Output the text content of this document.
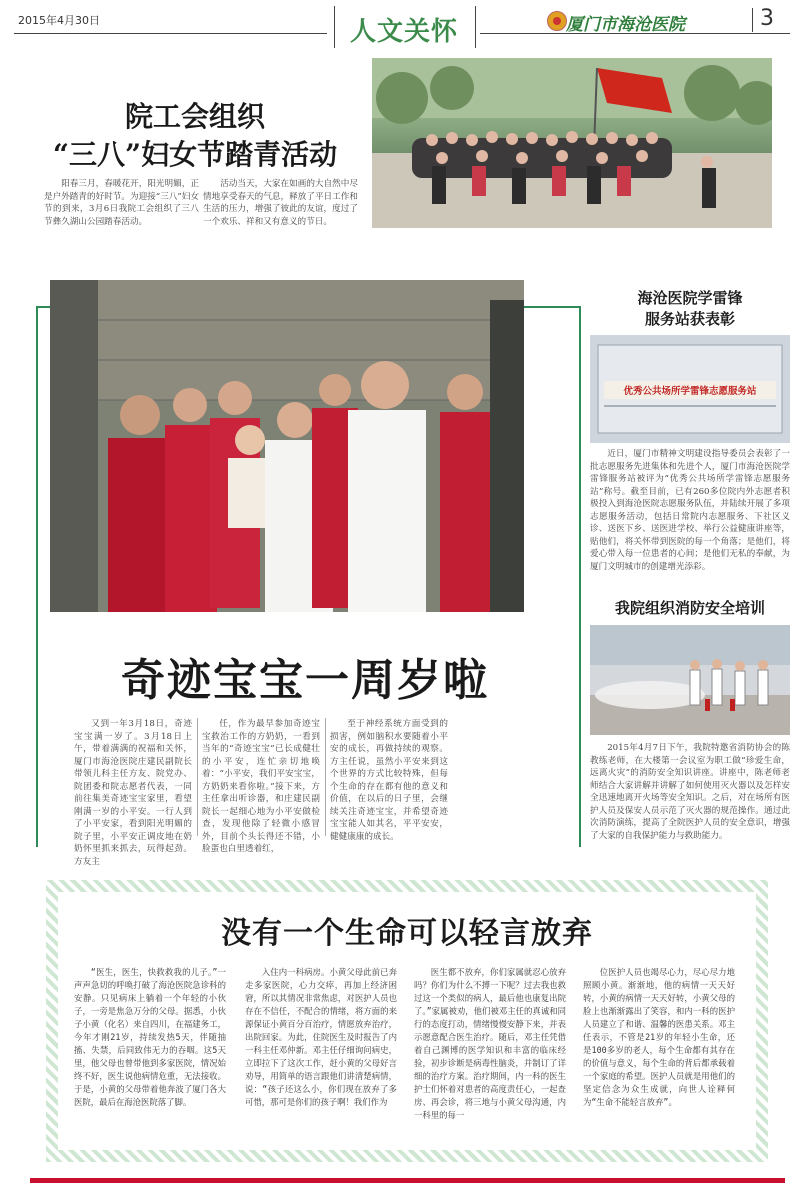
2015年4月30日	人文关怀	厦门市海沧医院	3
院工会组织
“三八”妇女节踏青活动

阳春三月，春暖花开，阳光明媚，正是户外踏青的好时节。为迎接“三八”妇女节的到来，3月6日我院工会组织了三八节彝久湖山公园踏春活动。

活动当天，大家在如画的大自然中尽情地享受春天的气息，释放了平日工作和生活的压力，增强了彼此的友谊，度过了一个欢乐、祥和又有意义的节日。

奇迹宝宝一周岁啦

又到一年3月18日，奇迹宝宝满一岁了。3月18日上午，带着满满的祝福和关怀，厦门市海沧医院庄建民副院长带领儿科主任方友、院党办、院团委和院志愿者代表，一同前往集美奇迹宝宝家里，看望刚满一岁的小平安。一行人到了小平安家，看到阳光明媚的院子里，小平安正调皮地在奶奶怀里抓来抓去，玩得起劲。方友主

任，作为最早参加奇迹宝宝救治工作的方奶奶，一看到当年的“奇迹宝宝”已长成健壮的小平安，连忙亲切地唤着：“小平安，我们平安宝宝，方奶奶来看你啦。”接下来，方主任拿出听诊器，和庄建民副院长一起细心地为小平安做检查，发现他除了轻微小感冒外，目前个头长得还不错，小脸蛋也白里透着红，

至于神经系统方面受到的损害，例如脑积水要随着小平安的成长，再做持续的观察。方主任说，虽然小平安来到这个世界的方式比较特殊，但每个生命的存在都有他的意义和价值，在以后的日子里，会继续关注奇迹宝宝，并希望奇迹宝宝能人如其名，平平安安，健健康康的成长。

海沧医院学雷锋
服务站获表彰
优秀公共场所学雷锋志愿服务站

近日，厦门市精神文明建设指导委员会表彰了一批志愿服务先进集体和先进个人，厦门市海沧医院学雷锋服务站被评为“优秀公共场所学雷锋志愿服务站”称号。截至目前，已有260多位院内外志愿者积极投入到海沧医院志愿服务队伍，并陆续开展了多项志愿服务活动，包括日常院内志愿服务、下社区义诊、送医下乡、送医进学校、举行公益健康讲座等，贴他们，将关怀带到医院的每一个角落；是他们，将爱心带入每一位患者的心间；是他们无私的奉献，为厦门文明城市的创建增光添彩。

我院组织消防安全培训

2015年4月7日下午，我院特邀省消防协会的陈教练老师，在大楼第一会议室为职工做“珍爱生命，远离火灾”的消防安全知识讲座。讲座中，陈老师老师结合大家讲解并讲解了如何使用灭火器以及怎样安全迅速地离开火场等安全知识。之后，对在场所有医护人员及保安人员示范了灭火器的规范操作。通过此次消防演练，提高了全院医护人员的安全意识，增强了大家的自我保护能力与救助能力。

没有一个生命可以轻言放弃

“医生，医生，快救救我的儿子。”一声声急切的呼唤打破了海沧医院急诊科的安静。只见病床上躺着一个年轻的小伙子，一旁是焦急万分的父母。据悉，小伙子小黄（化名）来自四川，在福建务工，今年才刚21岁，持续发热5天，伴随抽搐、失禁，后同致伟无力的吞咽。这5天里，他父母也曾带他到多家医院，情况始终不好，医生说他病情危重，无法接收。于是，小黄的父母带着他奔波了厦门各大医院，最后在海沧医院落了脚。

入住内一科病房。小黄父母此前已奔走多家医院，心力交瘁，再加上经济困窘，所以其情况非常焦虑，对医护人员也存在不信任，不配合的情绪，将方面的来源保证小黄百分百治疗，情愿放弃治疗，出院回家。为此，住院医生及时报告了内一科主任邓仲新。邓主任仔细询问病史，立即拉下了这次工作，赶小黄的父母好言劝导，用简单的语言跟他们讲清楚病情，说：“孩子还这么小，你们现在放弃了多可惜，那可是你们的孩子啊！我们作为

医生都不放弃，你们家属就忍心放弃吗？你们为什么不搏一下呢？过去我也救过这一个类似的病人，最后他也康复出院了。”家属被劝，他们被邓主任的真诚和同行的态度打动，情绪慢慢安静下来，并表示愿意配合医生治疗。随后，邓主任凭借着自己渊博的医学知识和丰富的临床经验，初步诊断是病毒性脑炎，并制订了详细的治疗方案。治疗期间，内一科的医生护士们怀着对患者的高度责任心，一起查房、再会诊，将三地与小黄父母沟通，内一科里的每一

位医护人员也竭尽心力，尽心尽力地照顾小黄。渐渐地，他的病情一天天好转，小黄的病情一天天好转，小黄父母的脸上也渐渐露出了笑容，和内一科的医护人员建立了和谐、温馨的医患关系。邓主任表示，不管是21岁的年轻小生命，还是100多岁的老人，每个生命都有其存在的价值与意义，每个生命的背后都承载着一个家庭的希望。医护人员就是用他们的坚定信念为众生成就，向世人诠释何为“生命不能轻言放弃”。
